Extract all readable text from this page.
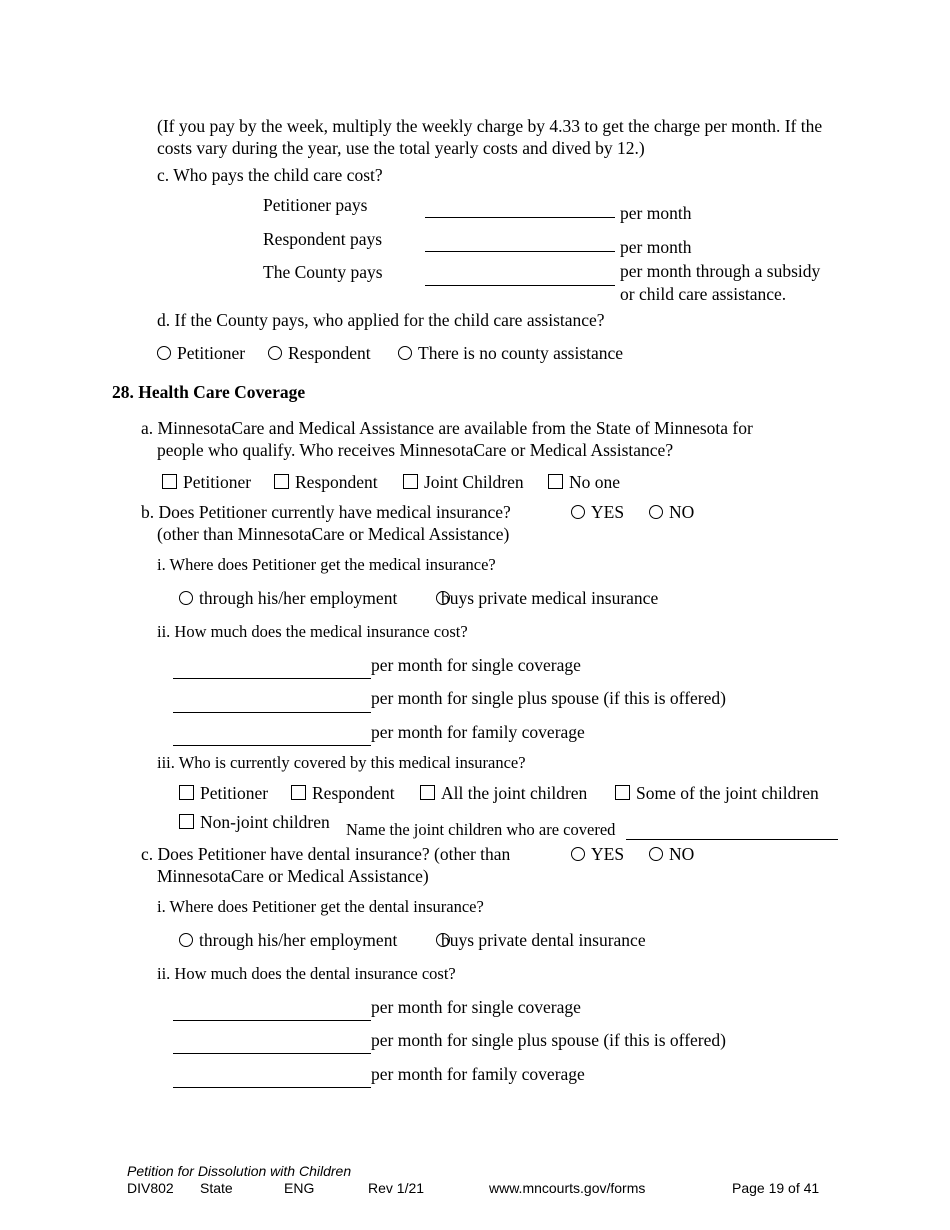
(If you pay by the week, multiply the weekly charge by 4.33 to get the charge per month. If the
costs vary during the year, use the total yearly costs and dived by 12.)
c. Who pays the child care cost?
Petitioner pays	per month
Respondent pays	per month
The County pays	per month through a subsidy
or child care assistance.
d. If the County pays, who applied for the child care assistance?
Petitioner	Respondent	There is no county assistance
28. Health Care Coverage
a. MinnesotaCare and Medical Assistance are available from the State of Minnesota for
people who qualify. Who receives MinnesotaCare or Medical Assistance?
Petitioner	Respondent	Joint Children	No one
b. Does Petitioner currently have medical insurance?
(other than MinnesotaCare or Medical Assistance)
YES	NO
i. Where does Petitioner get the medical insurance?
through his/her employment buys private medical insurance
ii. How much does the medical insurance cost?
per month for single coverage
per month for single plus spouse (if this is offered)
per month for family coverage
iii. Who is currently covered by this medical insurance?
Petitioner	Respondent	All the joint children	Some of the joint children
Non-joint children Name the joint children who are covered
c. Does Petitioner have dental insurance? (other than
MinnesotaCare or Medical Assistance)
YES	NO
i. Where does Petitioner get the dental insurance?
through his/her employment buys private dental insurance
ii. How much does the dental insurance cost?
per month for single coverage
per month for single plus spouse (if this is offered)
per month for family coverage
Petition for Dissolution with Children
DIV802 State	ENG	Rev 1/21	www.mncourts.gov/forms	Page 19 of 41
